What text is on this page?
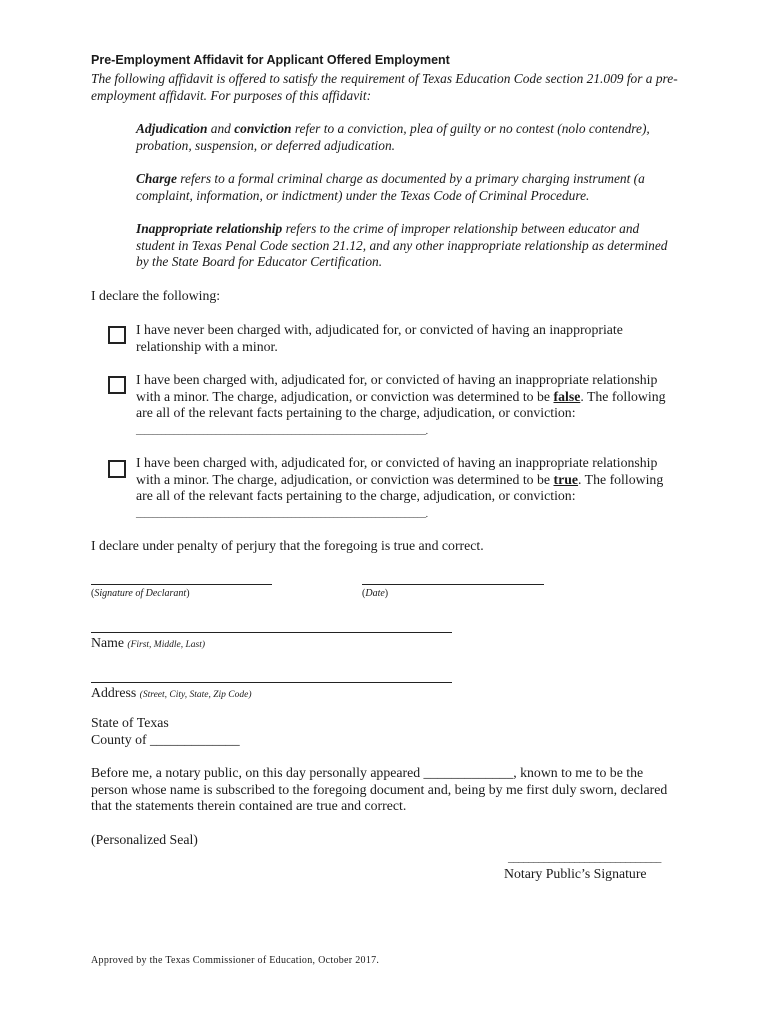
Pre-Employment Affidavit for Applicant Offered Employment
The following affidavit is offered to satisfy the requirement of Texas Education Code section 21.009 for a pre-employment affidavit. For purposes of this affidavit:
Adjudication and conviction refer to a conviction, plea of guilty or no contest (nolo contendre), probation, suspension, or deferred adjudication.
Charge refers to a formal criminal charge as documented by a primary charging instrument (a complaint, information, or indictment) under the Texas Code of Criminal Procedure.
Inappropriate relationship refers to the crime of improper relationship between educator and student in Texas Penal Code section 21.12, and any other inappropriate relationship as determined by the State Board for Educator Certification.
I declare the following:
I have never been charged with, adjudicated for, or convicted of having an inappropriate relationship with a minor.
I have been charged with, adjudicated for, or convicted of having an inappropriate relationship with a minor. The charge, adjudication, or conviction was determined to be false. The following are all of the relevant facts pertaining to the charge, adjudication, or conviction: _____________________________________________________________________.
I have been charged with, adjudicated for, or convicted of having an inappropriate relationship with a minor. The charge, adjudication, or conviction was determined to be true. The following are all of the relevant facts pertaining to the charge, adjudication, or conviction: _____________________________________________________________________.
I declare under penalty of perjury that the foregoing is true and correct.
(Signature of Declarant)	(Date)
Name (First, Middle, Last)
Address (Street, City, State, Zip Code)
State of Texas
County of _____________
Before me, a notary public, on this day personally appeared _____________, known to me to be the person whose name is subscribed to the foregoing document and, being by me first duly sworn, declared that the statements therein contained are true and correct.
(Personalized Seal)
______________________________
Notary Public’s Signature
Approved by the Texas Commissioner of Education, October 2017.
